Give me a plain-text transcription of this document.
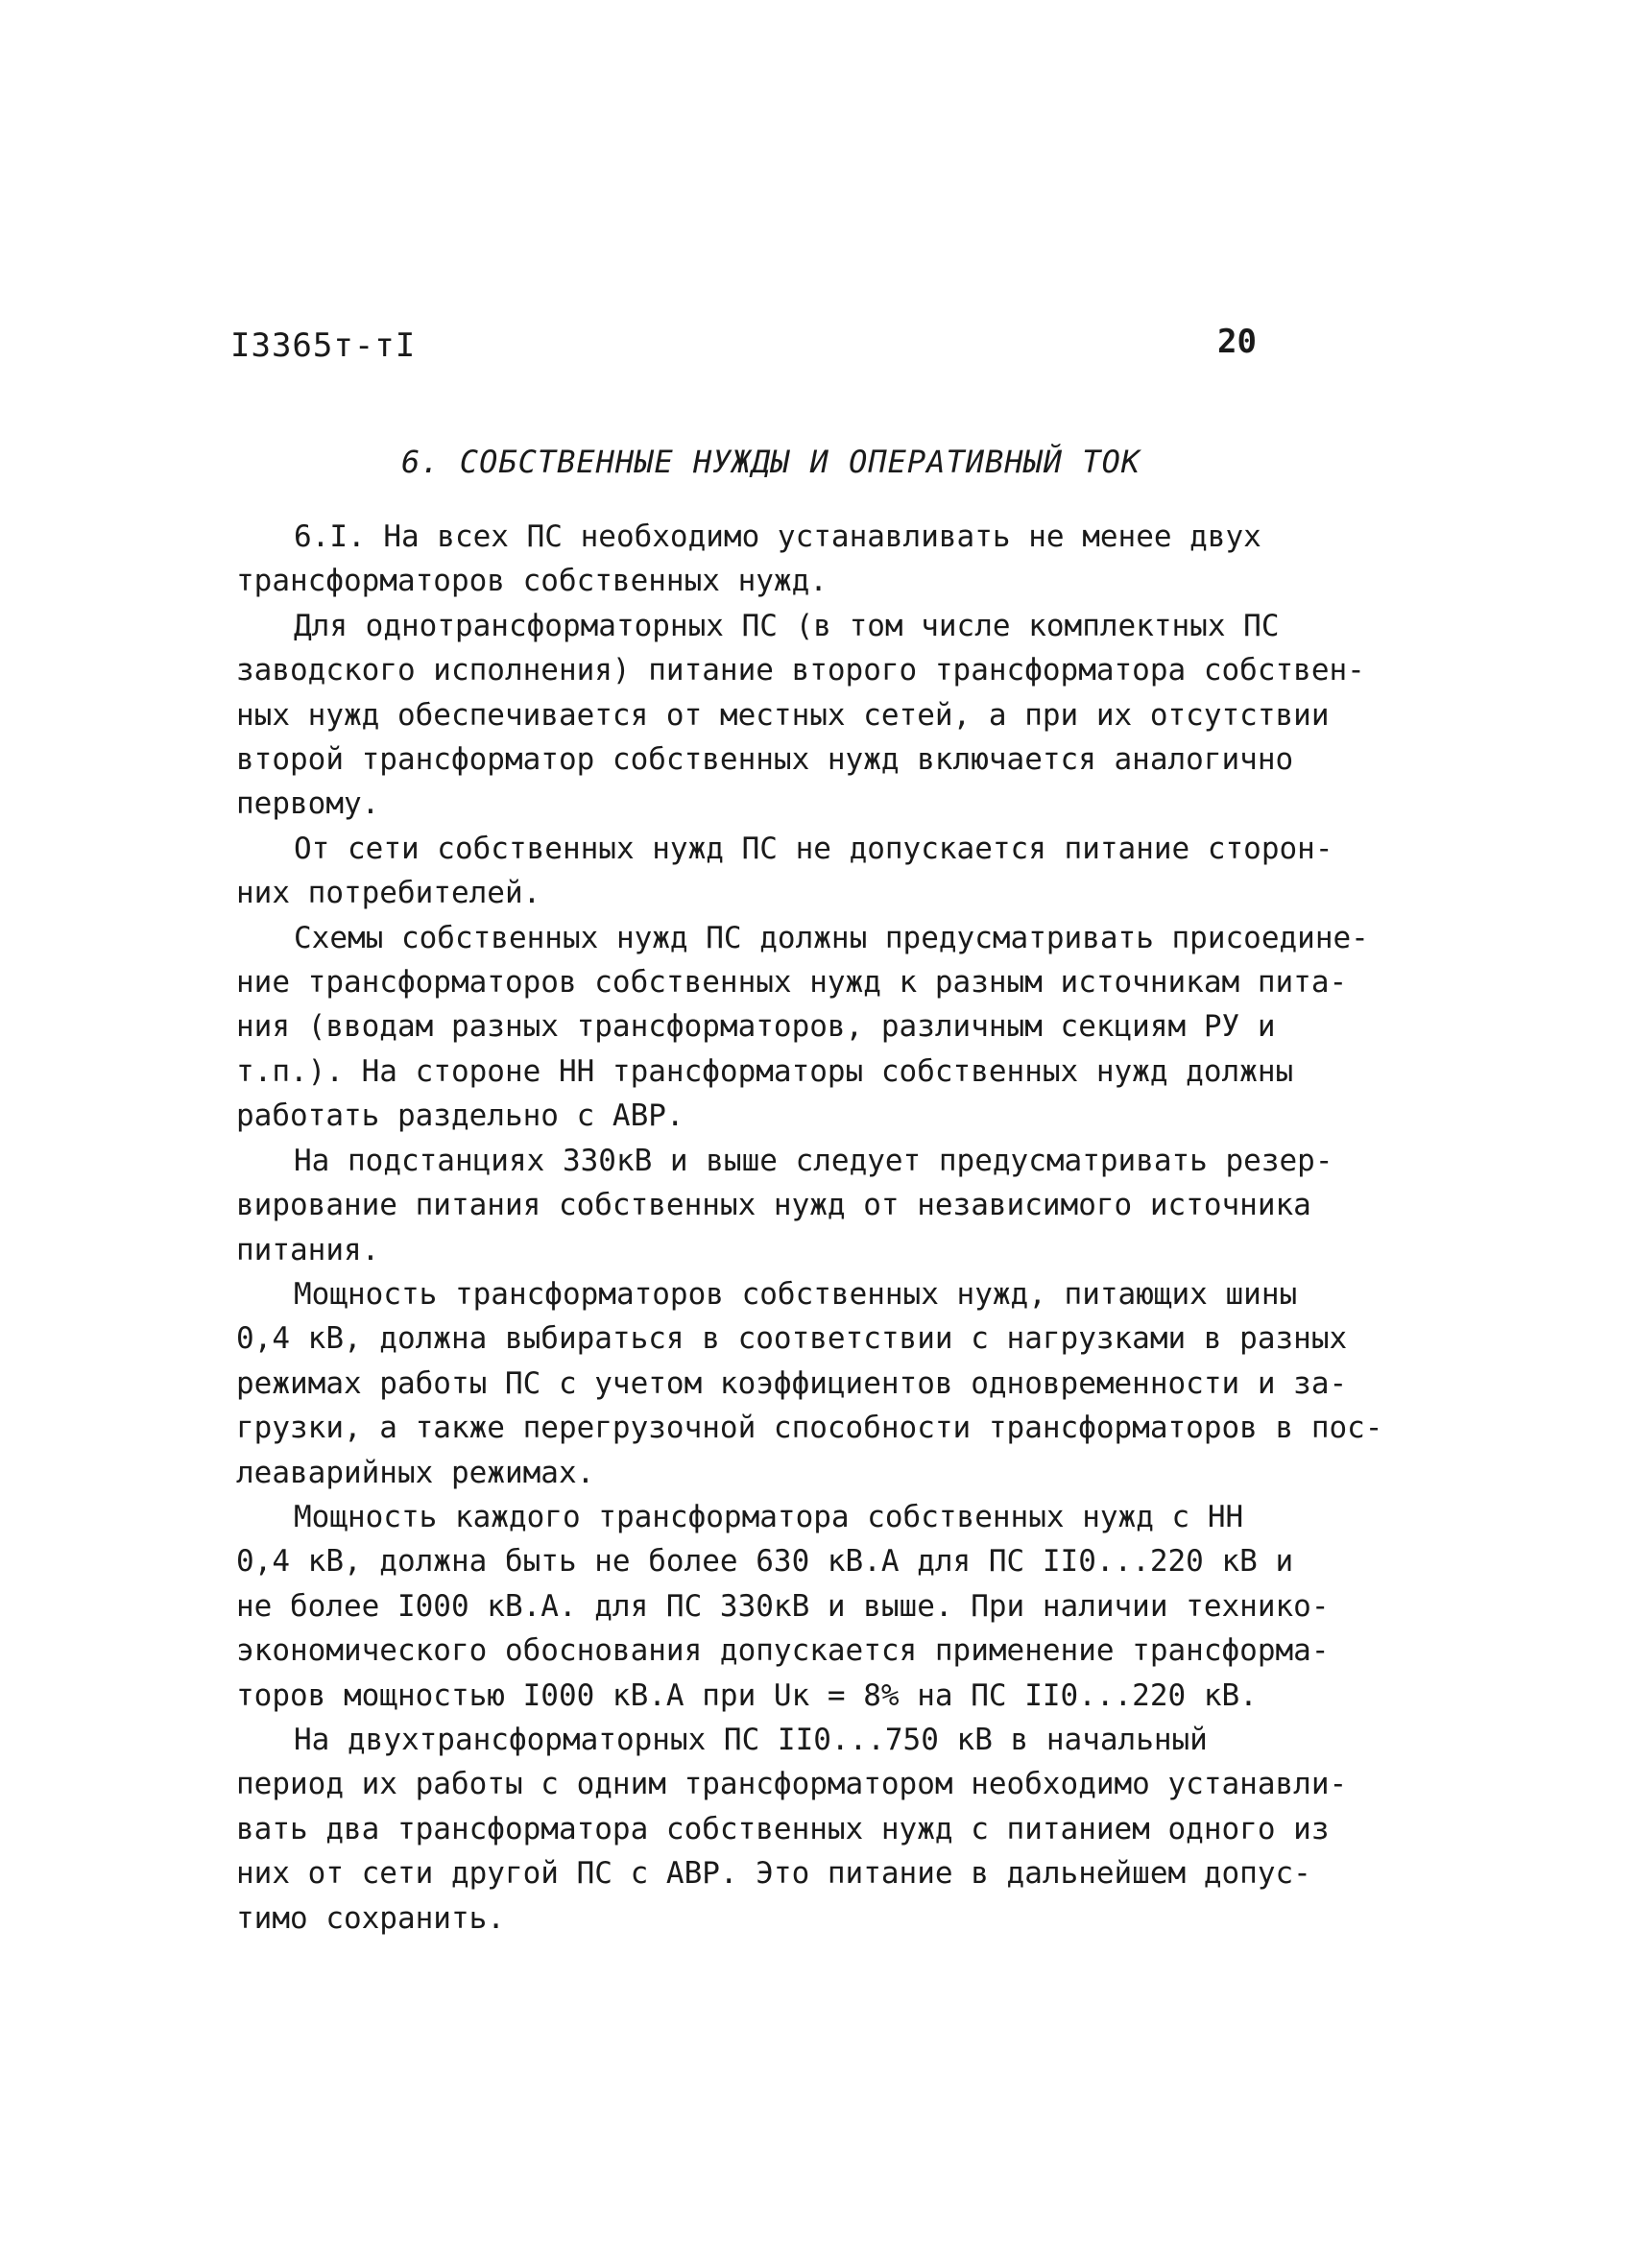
I3365т-тI	20
6. СОБСТВЕННЫЕ НУЖДЫ И ОПЕРАТИВНЫЙ ТОК
6.I. На всех ПС необходимо устанавливать не менее двух
трансформаторов собственных нужд.
Для однотрансформаторных ПС (в том числе комплектных ПС
заводского исполнения) питание второго трансформатора собствен-
ных нужд обеспечивается от местных сетей, а при их отсутствии
второй трансформатор собственных нужд включается аналогично
первому.
От сети собственных нужд ПС не допускается питание сторон-
них потребителей.
Схемы собственных нужд ПС должны предусматривать присоедине-
ние трансформаторов собственных нужд к разным источникам пита-
ния (вводам разных трансформаторов, различным секциям РУ и
т.п.). На стороне НН трансформаторы собственных нужд должны
работать раздельно с АВР.
На подстанциях 330кВ и выше следует предусматривать резер-
вирование питания собственных нужд от независимого источника
питания.
Мощность трансформаторов собственных нужд, питающих шины
0,4 кВ, должна выбираться в соответствии с нагрузками в разных
режимах работы ПС с учетом коэффициентов одновременности и за-
грузки, а также перегрузочной способности трансформаторов в пос-
леаварийных режимах.
Мощность каждого трансформатора собственных нужд с НН
0,4 кВ, должна быть не более 630 кВ.А для ПС II0...220 кВ и
не более I000 кВ.А. для ПС 330кВ и выше. При наличии технико-
экономического обоснования допускается применение трансформа-
торов мощностью I000 кВ.А при Uк = 8% на ПС II0...220 кВ.
На двухтрансформаторных ПС II0...750 кВ в начальный
период их работы с одним трансформатором необходимо устанавли-
вать два трансформатора собственных нужд с питанием одного из
них от сети другой ПС с АВР. Это питание в дальнейшем допус-
тимо сохранить.
